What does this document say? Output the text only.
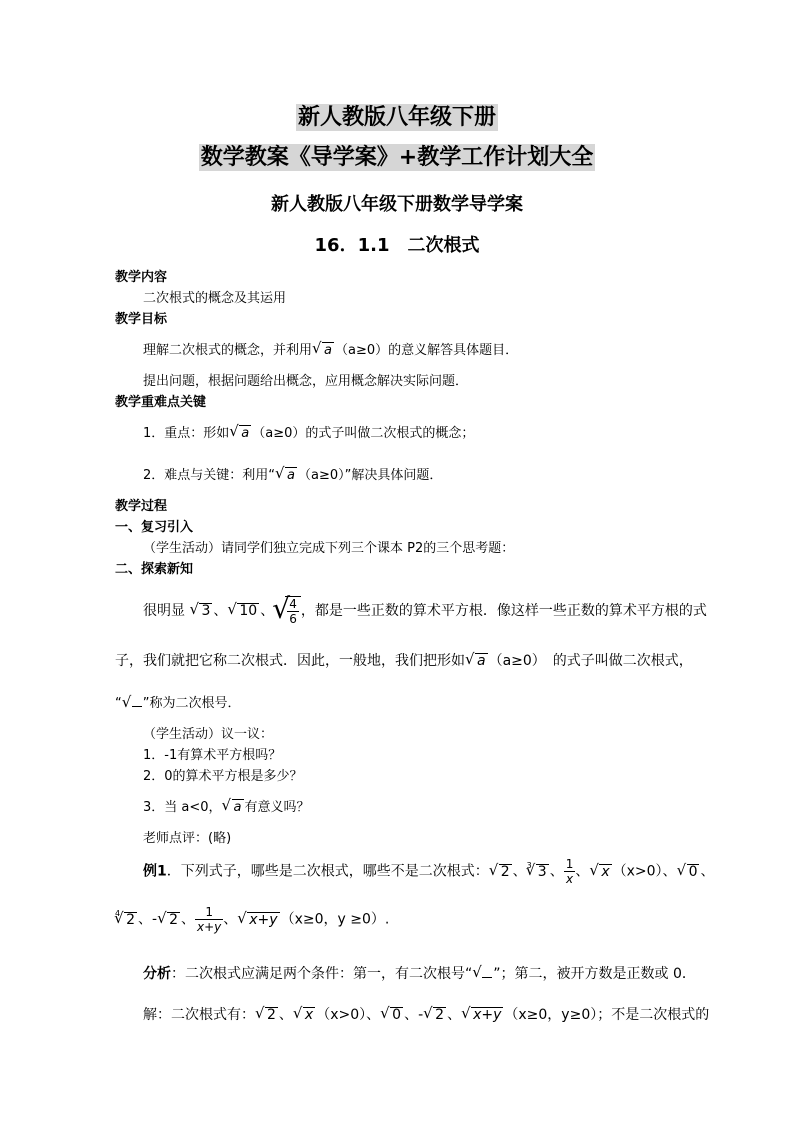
新人教版八年级下册
数学教案《导学案》+教学工作计划大全
新人教版八年级下册数学导学案
16．1.1　二次根式
教学内容
二次根式的概念及其运用
教学目标
理解二次根式的概念，并利用 √ a （a≥0）的意义解答具体题目．
提出问题，根据问题给出概念，应用概念解决实际问题．
教学重难点关键
1．重点：形如 √ a （a≥0）的式子叫做二次根式的概念；
2．难点与关键：利用“ √ a （a≥0）”解决具体问题．
教学过程
一、复习引入
（学生活动）请同学们独立完成下列三个课本 P2的三个思考题：
二、探索新知
很明显 √ 3 、 √ 10 、 √ $\frac{4}{6}$ ，都是一些正数的算术平方根．像这样一些正数的算术平方根的式
子，我们就把它称二次根式．因此，一般地，我们把形如 √ a （a≥0）　的式子叫做二次根式，
“ √ ”称为二次根号．
（学生活动）议一议：
1．-1有算术平方根吗？
2．0的算术平方根是多少？
3．当 a<0， √ a 有意义吗？
老师点评：(略)
例1．下列式子，哪些是二次根式，哪些不是二次根式： √ 2 、$^3$ √ 3 、 $\frac{1}{x}$ 、 √ x （x>0）、 √ 0 、
$^4$ √ 2 、- √ 2 、 $\frac{1}{x+y}$ 、 √ x+y （x≥0，y ≥0）.
分析：二次根式应满足两个条件：第一，有二次根号“ √ ”；第二，被开方数是正数或 0．
解：二次根式有： √ 2 、 √ x （x>0）、 √ 0 、- √ 2 、 √ x+y （x≥0，y≥0）；不是二次根式的
